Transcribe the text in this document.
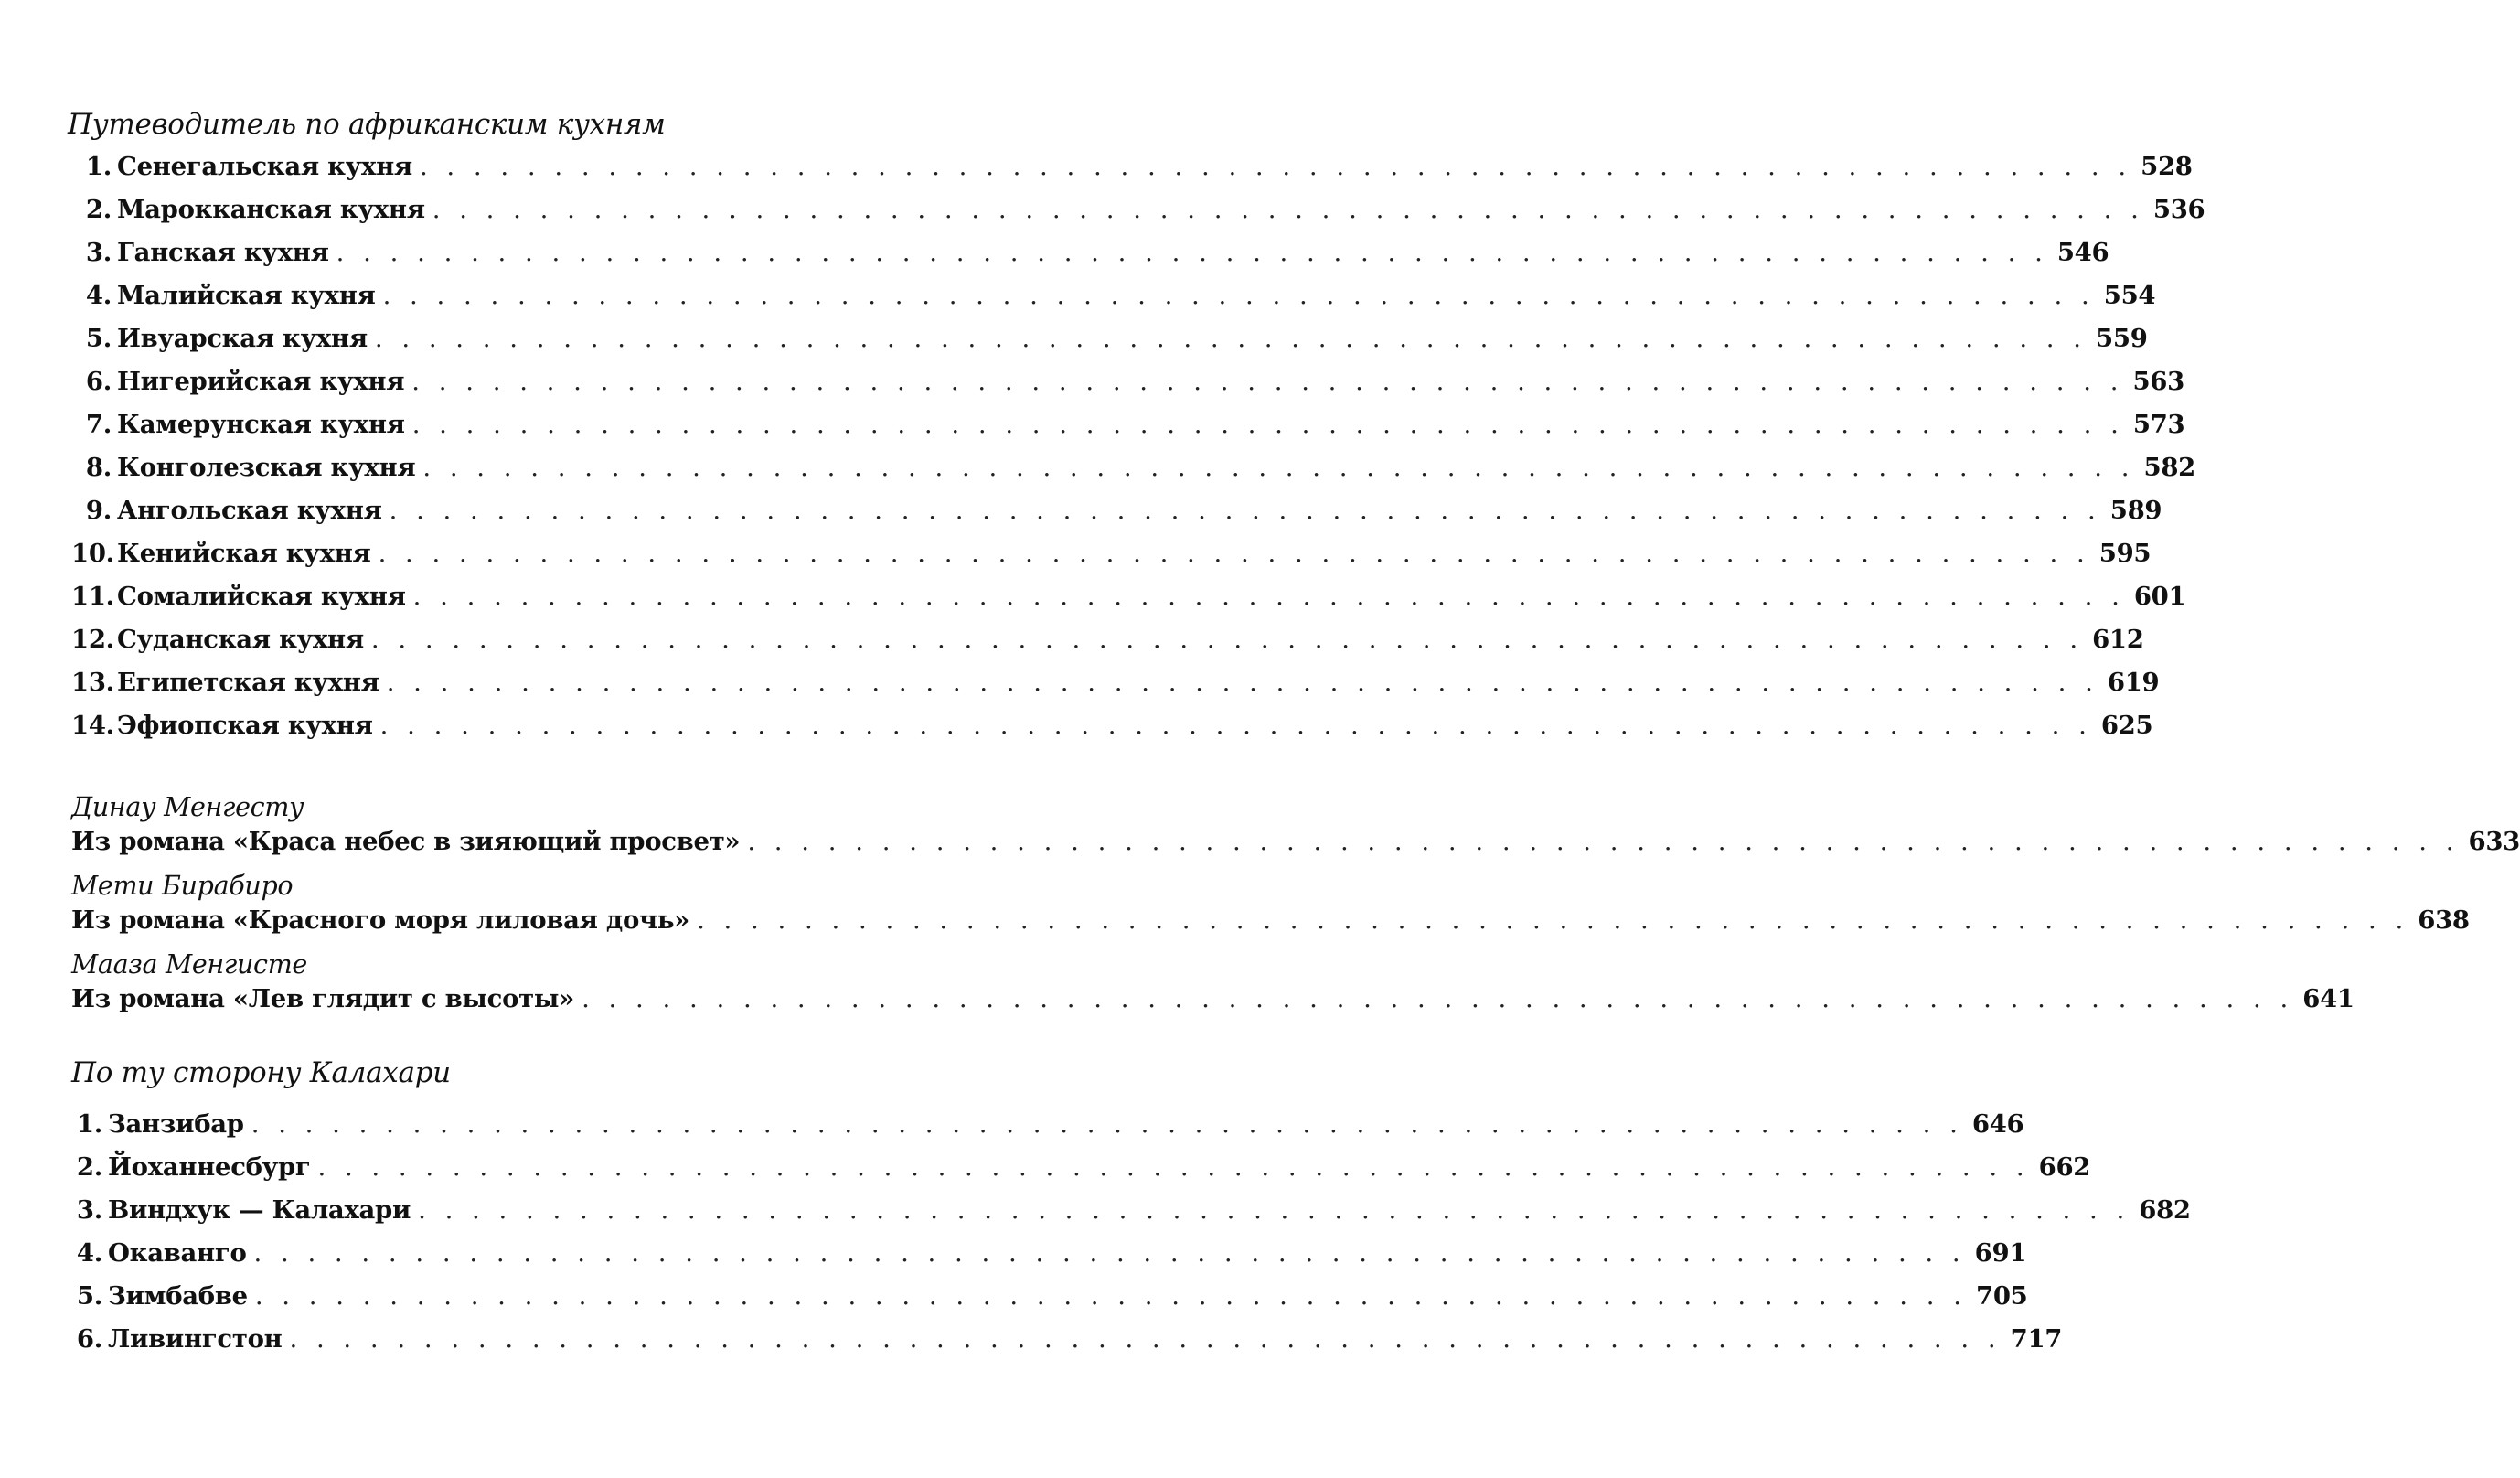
Путеводитель по африканским кухням
1. Сенегальская кухня . . . . . . . . . . . . . . . . . . . . . . . . . . . . . . . . . . . . . . . . . . . . . . . . . . . . . . . . . . . . . . . . 528
2. Марокканская кухня . . . . . . . . . . . . . . . . . . . . . . . . . . . . . . . . . . . . . . . . . . . . . . . . . . . . . . . . . . . . . . . . 536
3. Ганская кухня . . . . . . . . . . . . . . . . . . . . . . . . . . . . . . . . . . . . . . . . . . . . . . . . . . . . . . . . . . . . . . . . 546
4. Малийская кухня . . . . . . . . . . . . . . . . . . . . . . . . . . . . . . . . . . . . . . . . . . . . . . . . . . . . . . . . . . . . . . . . 554
5. Ивуарская кухня . . . . . . . . . . . . . . . . . . . . . . . . . . . . . . . . . . . . . . . . . . . . . . . . . . . . . . . . . . . . . . . . 559
6. Нигерийская кухня . . . . . . . . . . . . . . . . . . . . . . . . . . . . . . . . . . . . . . . . . . . . . . . . . . . . . . . . . . . . . . . . 563
7. Камерунская кухня . . . . . . . . . . . . . . . . . . . . . . . . . . . . . . . . . . . . . . . . . . . . . . . . . . . . . . . . . . . . . . . . 573
8. Конголезская кухня . . . . . . . . . . . . . . . . . . . . . . . . . . . . . . . . . . . . . . . . . . . . . . . . . . . . . . . . . . . . . . . . 582
9. Ангольская кухня . . . . . . . . . . . . . . . . . . . . . . . . . . . . . . . . . . . . . . . . . . . . . . . . . . . . . . . . . . . . . . . . 589
10. Кенийская кухня . . . . . . . . . . . . . . . . . . . . . . . . . . . . . . . . . . . . . . . . . . . . . . . . . . . . . . . . . . . . . . . . 595
11. Сомалийская кухня . . . . . . . . . . . . . . . . . . . . . . . . . . . . . . . . . . . . . . . . . . . . . . . . . . . . . . . . . . . . . . . . 601
12. Суданская кухня . . . . . . . . . . . . . . . . . . . . . . . . . . . . . . . . . . . . . . . . . . . . . . . . . . . . . . . . . . . . . . . . 612
13. Египетская кухня . . . . . . . . . . . . . . . . . . . . . . . . . . . . . . . . . . . . . . . . . . . . . . . . . . . . . . . . . . . . . . . . 619
14. Эфиопская кухня . . . . . . . . . . . . . . . . . . . . . . . . . . . . . . . . . . . . . . . . . . . . . . . . . . . . . . . . . . . . . . . . 625
Динау Менгесту
Из романа «Краса небес в зияющий просвет» . . . . . . . . . . . . . . . . . . . . . . . . . . . . . . . . . . . . . . . . . . . . . . . . . . . . . . . . . . . . . . . . 633
Мети Бирабиро
Из романа «Красного моря лиловая дочь» . . . . . . . . . . . . . . . . . . . . . . . . . . . . . . . . . . . . . . . . . . . . . . . . . . . . . . . . . . . . . . . . 638
Мааза Менгисте
Из романа «Лев глядит с высоты» . . . . . . . . . . . . . . . . . . . . . . . . . . . . . . . . . . . . . . . . . . . . . . . . . . . . . . . . . . . . . . . . 641
По ту сторону Калахари
1. Занзибар . . . . . . . . . . . . . . . . . . . . . . . . . . . . . . . . . . . . . . . . . . . . . . . . . . . . . . . . . . . . . . . . 646
2. Йоханнесбург . . . . . . . . . . . . . . . . . . . . . . . . . . . . . . . . . . . . . . . . . . . . . . . . . . . . . . . . . . . . . . . . 662
3. Виндхук — Калахари . . . . . . . . . . . . . . . . . . . . . . . . . . . . . . . . . . . . . . . . . . . . . . . . . . . . . . . . . . . . . . . . 682
4. Окаванго . . . . . . . . . . . . . . . . . . . . . . . . . . . . . . . . . . . . . . . . . . . . . . . . . . . . . . . . . . . . . . . . 691
5. Зимбабве . . . . . . . . . . . . . . . . . . . . . . . . . . . . . . . . . . . . . . . . . . . . . . . . . . . . . . . . . . . . . . . . 705
6. Ливингстон . . . . . . . . . . . . . . . . . . . . . . . . . . . . . . . . . . . . . . . . . . . . . . . . . . . . . . . . . . . . . . . . 717
